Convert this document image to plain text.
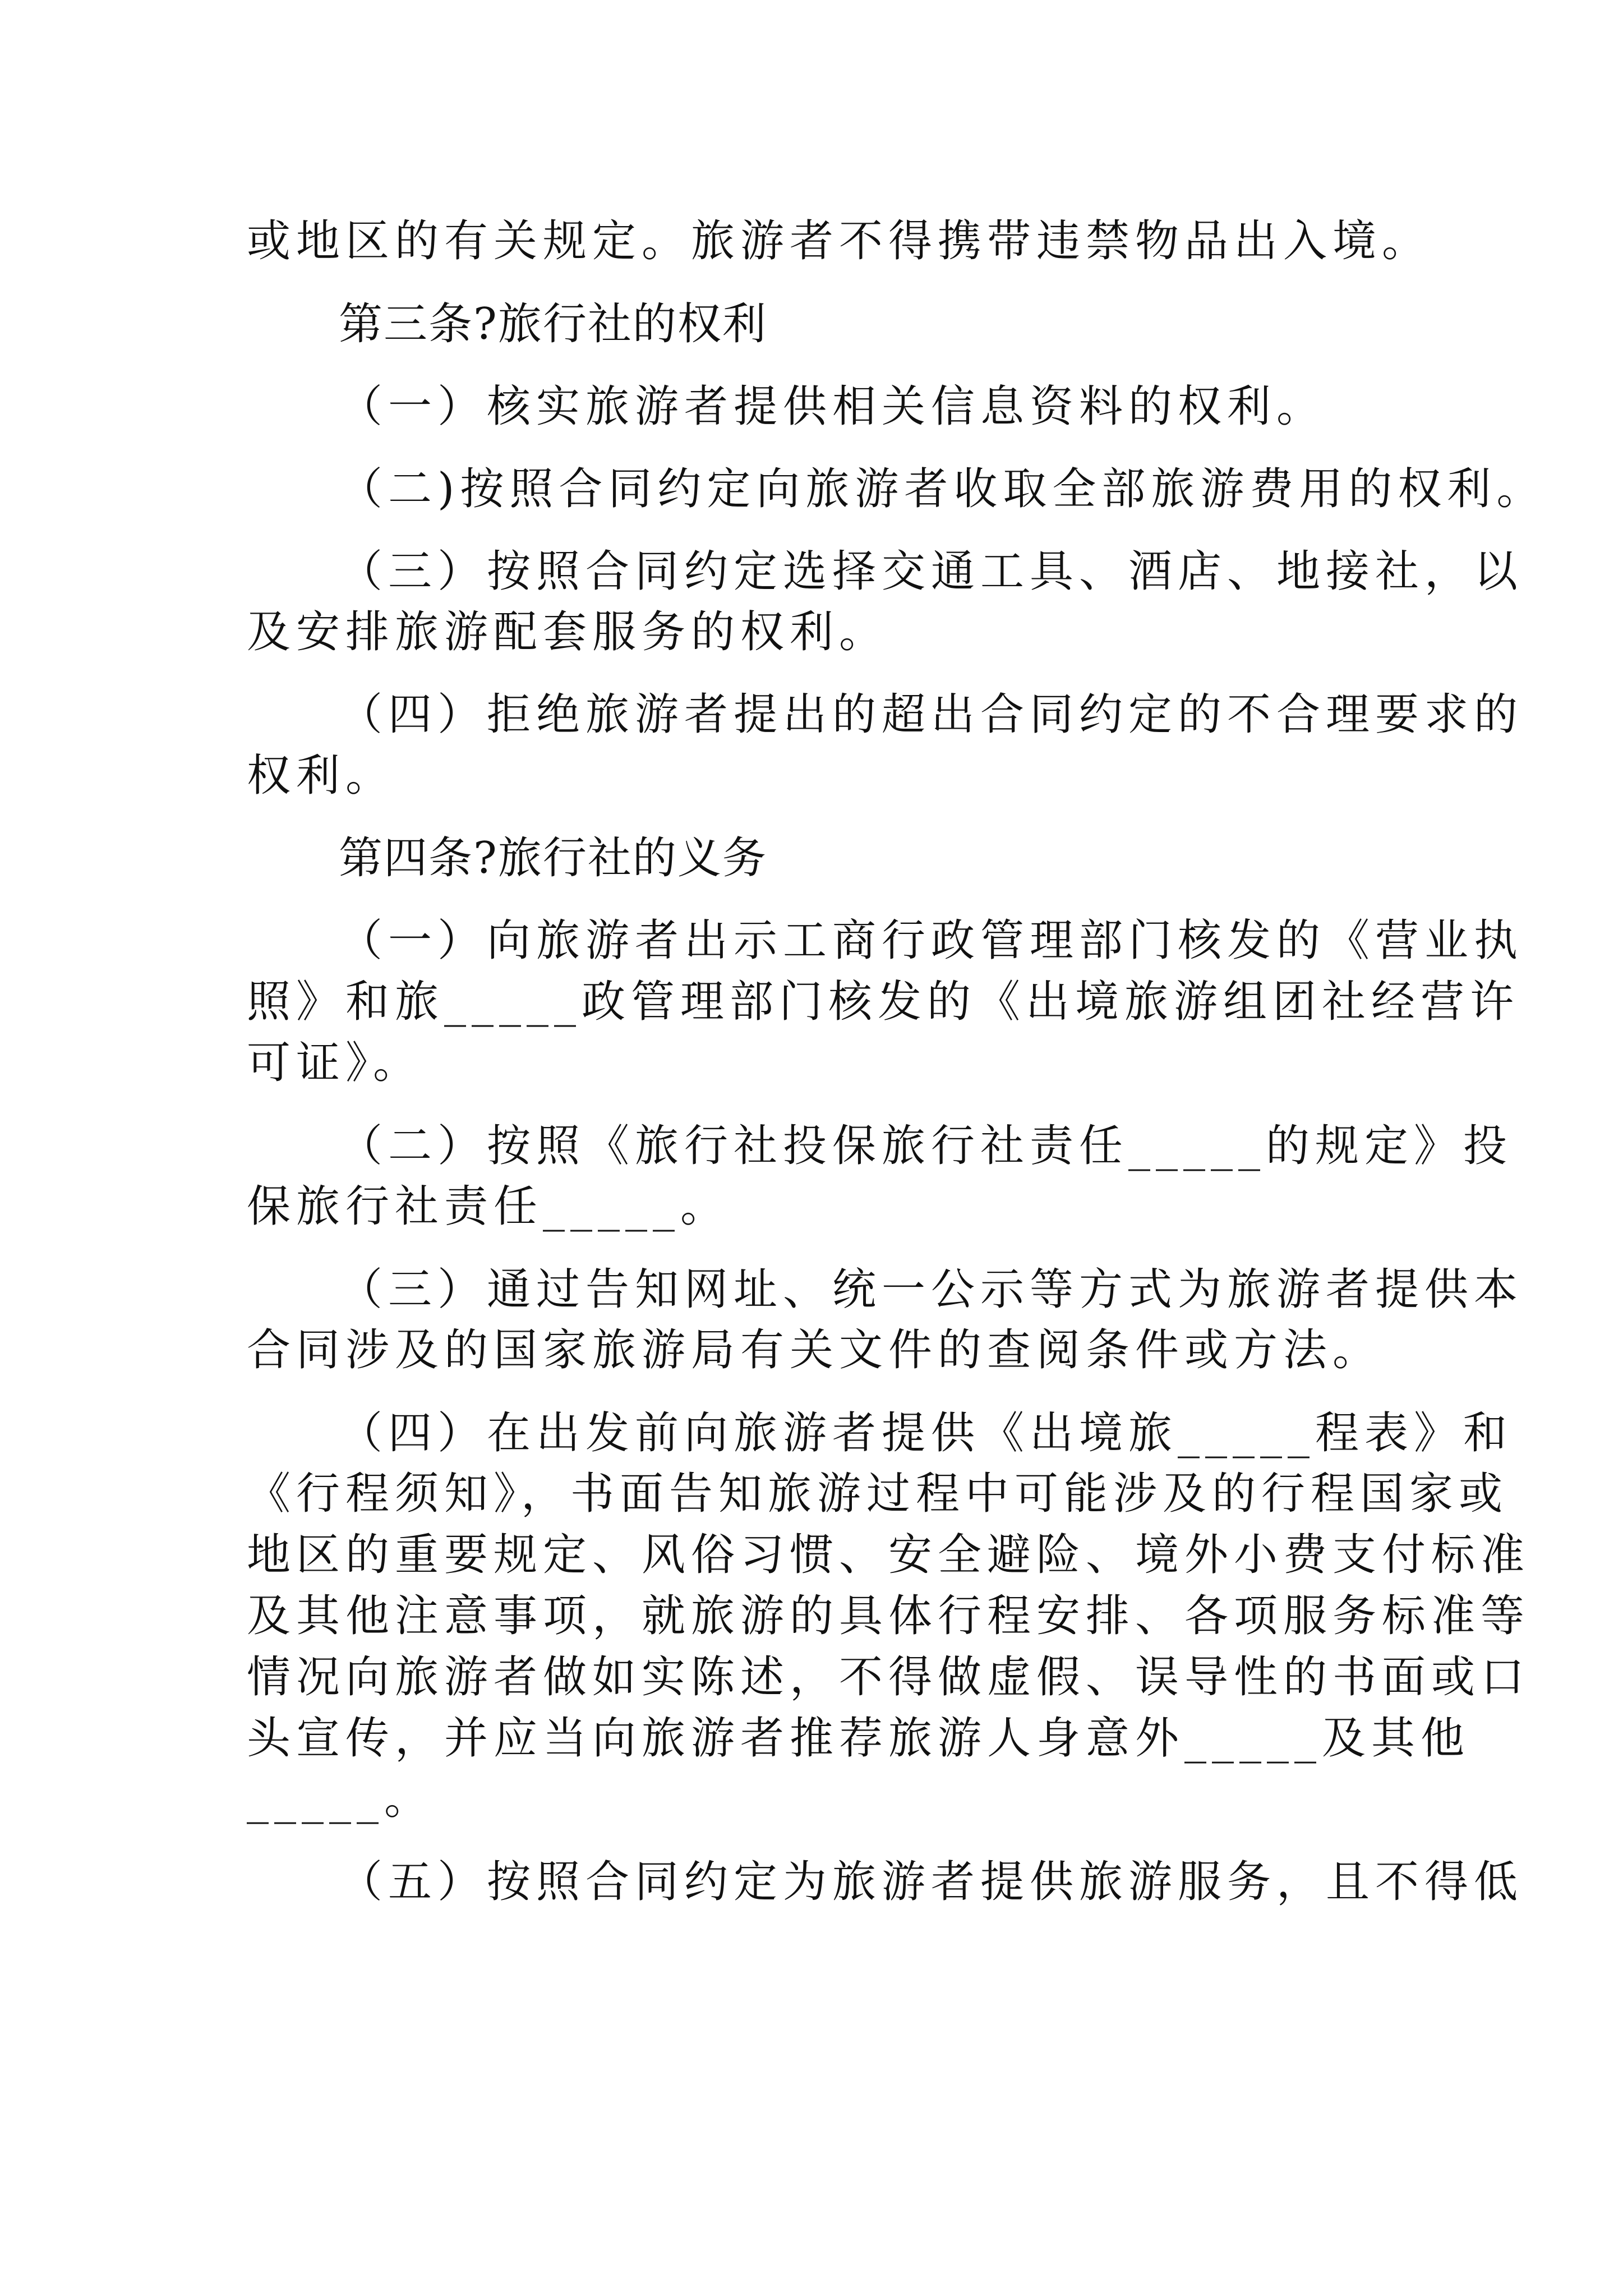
或地区的有关规定。旅游者不得携带违禁物品出入境。
第三条?旅行社的权利
（一）核实旅游者提供相关信息资料的权利。
（二)按照合同约定向旅游者收取全部旅游费用的权利。
（三）按照合同约定选择交通工具、酒店、地接社，以
及安排旅游配套服务的权利。
（四）拒绝旅游者提出的超出合同约定的不合理要求的
权利。
第四条?旅行社的义务
（一）向旅游者出示工商行政管理部门核发的《营业执
照》和旅_____政管理部门核发的《出境旅游组团社经营许
可证》。
（二）按照《旅行社投保旅行社责任_____的规定》投
保旅行社责任_____。
（三）通过告知网址、统一公示等方式为旅游者提供本
合同涉及的国家旅游局有关文件的查阅条件或方法。
（四）在出发前向旅游者提供《出境旅_____程表》和
《行程须知》，书面告知旅游过程中可能涉及的行程国家或
地区的重要规定、风俗习惯、安全避险、境外小费支付标准
及其他注意事项，就旅游的具体行程安排、各项服务标准等
情况向旅游者做如实陈述，不得做虚假、误导性的书面或口
头宣传，并应当向旅游者推荐旅游人身意外_____及其他
_____。
（五）按照合同约定为旅游者提供旅游服务，且不得低
